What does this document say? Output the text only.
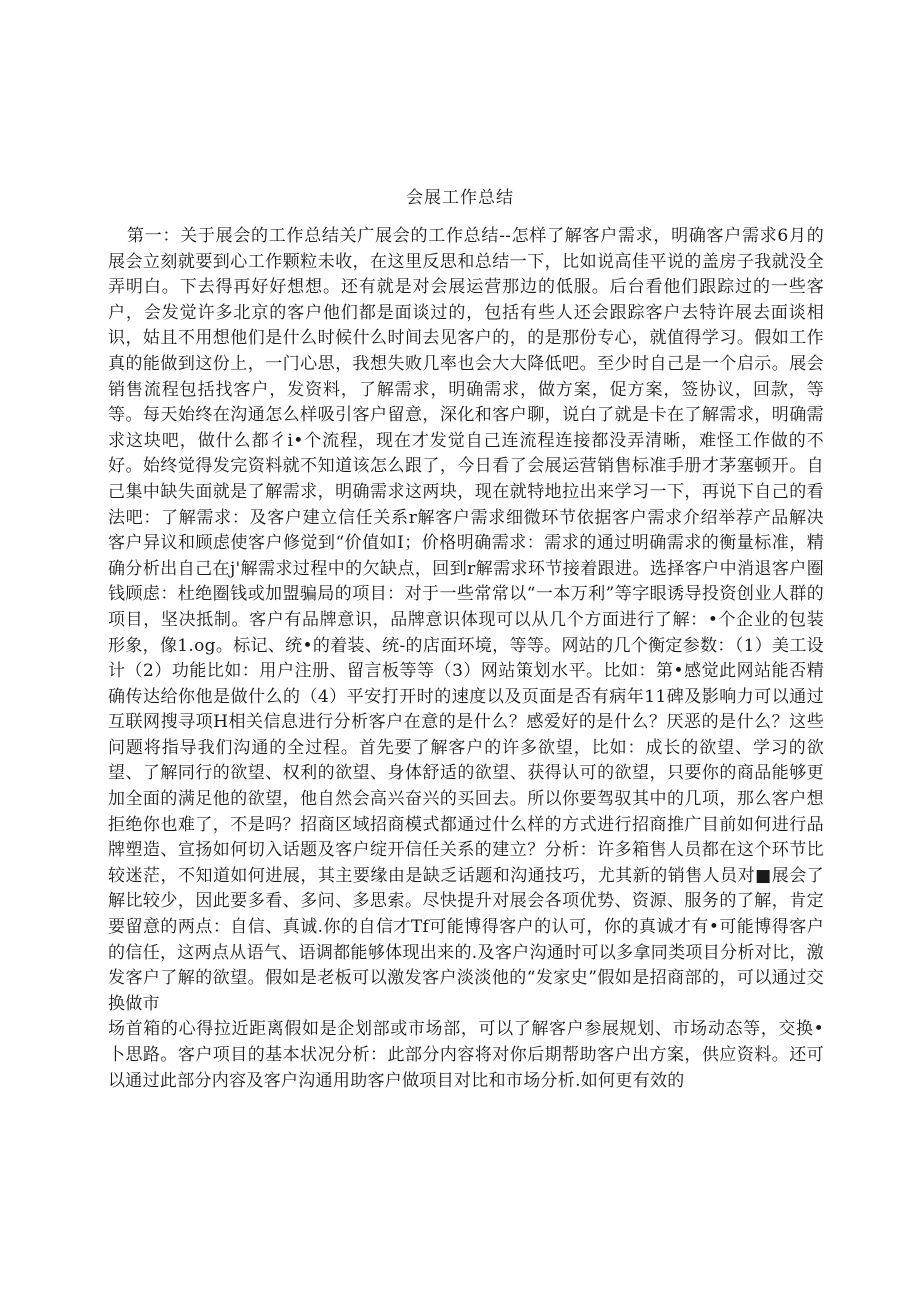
会展工作总结

第一：关于展会的工作总结关广展会的工作总结--怎样了解客户需求，明确客户需求6月的展会立刻就要到心工作颗粒未收，在这里反思和总结一下，比如说高佳平说的盖房子我就没全弄明白。下去得再好好想想。还有就是对会展运营那边的低服。后台看他们跟踪过的一些客户，会发觉许多北京的客户他们都是面谈过的，包括有些人还会跟踪客户去特许展去面谈相识，姑且不用想他们是什么时候什么时间去见客户的，的是那份专心，就值得学习。假如工作真的能做到这份上，一门心思，我想失败几率也会大大降低吧。至少时自己是一个启示。展会销售流程包括找客户，发资料，了解需求，明确需求，做方案，促方案，签协议，回款，等等。每天始终在沟通怎么样吸引客户留意，深化和客户聊，说白了就是卡在了解需求，明确需求这块吧，做什么都彳i•个流程，现在才发觉自己连流程连接都没弄清晰，难怪工作做的不好。始终觉得发完资料就不知道该怎么跟了，今日看了会展运营销售标准手册才茅塞顿开。自己集中缺失面就是了解需求，明确需求这两块，现在就特地拉出来学习一下，再说下自己的看法吧：了解需求：及客户建立信任关系r解客户需求细微环节依据客户需求介绍举荐产品解决客户异议和顾虑使客户修觉到“价值如I；价格明确需求：需求的通过明确需求的衡量标准，精确分析出自己在j'解需求过程中的欠缺点，回到r解需求环节接着跟进。选择客户中消退客户圈钱顾虑：杜绝圈钱或加盟骗局的项目：对于一些常常以“一本万利”等字眼诱导投资创业人群的项目，坚决抵制。客户有品牌意识，品牌意识体现可以从几个方面进行了解：•个企业的包装形象，像1.og。标记、统•的着装、统-的店面环境，等等。网站的几个衡定参数：（1）美工设计（2）功能比如：用户注册、留言板等等（3）网站策划水平。比如：第•感觉此网站能否精确传达给你他是做什么的（4）平安打开时的速度以及页面是否有病年11碑及影响力可以通过互联网搜寻项H相关信息进行分析客户在意的是什么？感爱好的是什么？厌恶的是什么？这些问题将指导我们沟通的全过程。首先要了解客户的许多欲望，比如：成长的欲望、学习的欲望、了解同行的欲望、权利的欲望、身体舒适的欲望、获得认可的欲望，只要你的商品能够更加全面的满足他的欲望，他自然会高兴奋兴的买回去。所以你要驾驭其中的几项，那么客户想拒绝你也难了，不是吗？招商区域招商模式都通过什么样的方式进行招商推广目前如何进行品牌塑造、宣扬如何切入话题及客户绽开信任关系的建立？分析：许多箱售人员都在这个环节比较迷茫，不知道如何进展，其主要缘由是缺乏话题和沟通技巧，尤其新的销售人员对■展会了解比较少，因此要多看、多问、多思索。尽快提升对展会各项优势、资源、服务的了解，肯定要留意的两点：自信、真诚.你的自信才Tf可能博得客户的认可，你的真诚才有•可能博得客户的信任，这两点从语气、语调都能够体现出来的.及客户沟通时可以多拿同类项目分析对比，激发客户了解的欲望。假如是老板可以激发客户淡淡他的“发家史”假如是招商部的，可以通过交换做市

场首箱的心得拉近距离假如是企划部或市场部，可以了解客户参展规划、市场动态等，交换•卜思路。客户项目的基本状况分析：此部分内容将对你后期帮助客户出方案，供应资料。还可以通过此部分内容及客户沟通用助客户做项目对比和市场分析.如何更有效的
